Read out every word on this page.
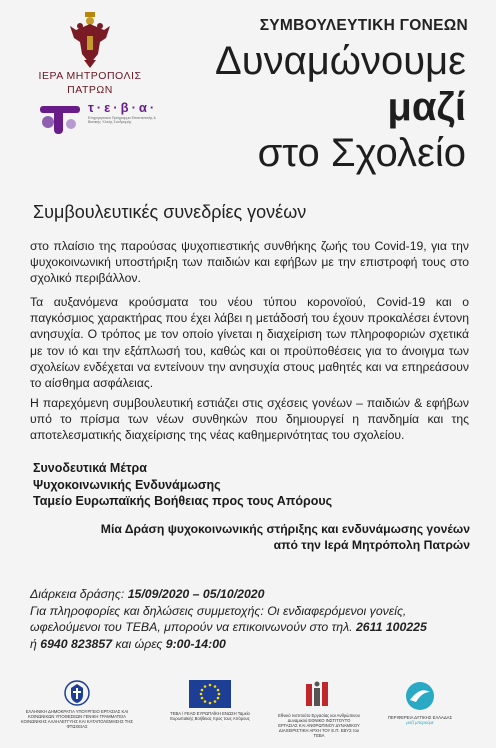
ΙΕΡΑ ΜΗΤΡΟΠΟΛΙΣ
ΠΑΤΡΩΝ
τ·ε·β·α·
Επιχειρησιακό Πρόγραμμα Επισιτιστικής & Βασικής Υλικής Συνδρομής
ΣΥΜΒΟΥΛΕΥΤΙΚΗ ΓΟΝΕΩΝ
Δυναμώνουμε
μαζί
στο Σχολείο
Συμβουλευτικές συνεδρίες γονέων
στο πλαίσιο της παρούσας ψυχοπιεστικής συνθήκης ζωής του Covid-19, για την ψυχοκοινωνική υποστήριξη των παιδιών και εφήβων με την επιστροφή τους στο σχολικό περιβάλλον.
Τα αυξανόμενα κρούσματα του νέου τύπου κορονοϊού, Covid-19 και ο παγκόσμιος χαρακτήρας που έχει λάβει η μετάδοσή του έχουν προκαλέσει έντονη ανησυχία. Ο τρόπος με τον οποίο γίνεται η διαχείριση των πληροφοριών σχετικά με τον ιό και την εξάπλωσή του, καθώς και οι προϋποθέσεις για το άνοιγμα των σχολείων ενδέχεται να εντείνουν την ανησυχία στους μαθητές και να επηρεάσουν το αίσθημα ασφάλειας.
Η παρεχόμενη συμβουλευτική εστιάζει στις σχέσεις γονέων – παιδιών & εφήβων υπό το πρίσμα των νέων συνθηκών που δημιουργεί η πανδημία και της αποτελεσματικής διαχείρισης της νέας καθημερινότητας του σχολείου.
Συνοδευτικά Μέτρα
Ψυχοκοινωνικής Ενδυνάμωσης
Ταμείο Ευρωπαϊκής Βοήθειας προς τους Απόρους
Μία Δράση ψυχοκοινωνικής στήριξης και ενδυνάμωσης γονέων
από την Ιερά Μητρόπολη Πατρών
Διάρκεια δράσης: 15/09/2020 – 05/10/2020
Για πληροφορίες και δηλώσεις συμμετοχής: Οι ενδιαφερόμενοι γονείς, ωφελούμενοι του ΤΕΒΑ, μπορούν να επικοινωνούν στο τηλ. 2611 100225
ή 6940 823857 και ώρες 9:00-14:00
ΕΛΛΗΝΙΚΗ ΔΗΜΟΚΡΑΤΙΑ ΥΠΟΥΡΓΕΙΟ ΕΡΓΑΣΙΑΣ ΚΑΙ ΚΟΙΝΩΝΙΚΩΝ ΥΠΟΘΕΣΕΩΝ ΓΕΝΙΚΗ ΓΡΑΜΜΑΤΕΙΑ ΚΟΙΝΩΝΙΚΗΣ ΑΛΛΗΛΕΓΓΥΗΣ ΚΑΙ ΚΑΤΑΠΟΛΕΜΗΣΗΣ ΤΗΣ ΦΤΩΧΕΙΑΣ
ΤΕΒΑ / FEAD ΕΥΡΩΠΑΪΚΗ ΕΝΩΣΗ Ταμείο Ευρωπαϊκής Βοήθειας προς τους Απόρους
Εθνικό Ινστιτούτο Εργασίας και Ανθρώπινου Δυναμικού ΕΘΝΙΚΟ ΙΝΣΤΙΤΟΥΤΟ ΕΡΓΑΣΙΑΣ ΚΑΙ ΑΝΘΡΩΠΙΝΟΥ ΔΥΝΑΜΙΚΟΥ ΔΙΑΧΕΙΡΙΣΤΙΚΗ ΑΡΧΗ ΤΟΥ Ε.Π. ΕΒΥΣ του ΤΕΒΑ
ΠΕΡΙΦΕΡΕΙΑ ΔΥΤΙΚΗΣ ΕΛΛΑΔΑΣ
μαζί μπορούμε
